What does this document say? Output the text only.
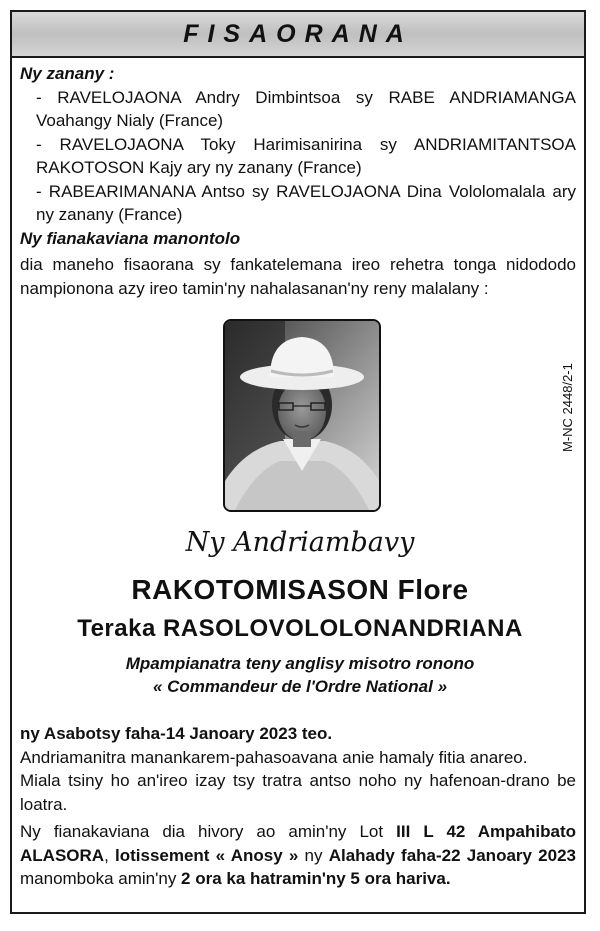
FISAORANA

Ny zanany :

- RAVELOJAONA Andry Dimbintsoa sy RABE ANDRIAMANGA Voahangy Nialy (France)

- RAVELOJAONA Toky Harimisanirina sy ANDRIAMITANTSOA RAKOTOSON Kajy ary ny zanany (France)

- RABEARIMANANA Antso sy RAVELOJAONA Dina Vololomalala ary ny zanany (France)

Ny fianakaviana manontolo

dia maneho fisaorana sy fankatelemana ireo rehetra tonga nidododo nampionona azy ireo tamin'ny nahalasanan'ny reny malalany :

M-NC 2448/2-1
Ny Andriambavy
RAKOTOMISASON Flore
Teraka RASOLOVOLOLONANDRIANA
Mpampianatra teny anglisy misotro ronono
« Commandeur de l'Ordre National »

ny Asabotsy faha-14 Janoary 2023 teo.

Andriamanitra manankarem-pahasoavana anie hamaly fitia anareo.

Miala tsiny ho an'ireo izay tsy tratra antso noho ny hafenoan-drano be loatra.

Ny fianakaviana dia hivory ao amin'ny Lot III L 42 Ampahibato ALASORA, lotissement « Anosy » ny Alahady faha-22 Janoary 2023 manomboka amin'ny 2 ora ka hatramin'ny 5 ora hariva.
